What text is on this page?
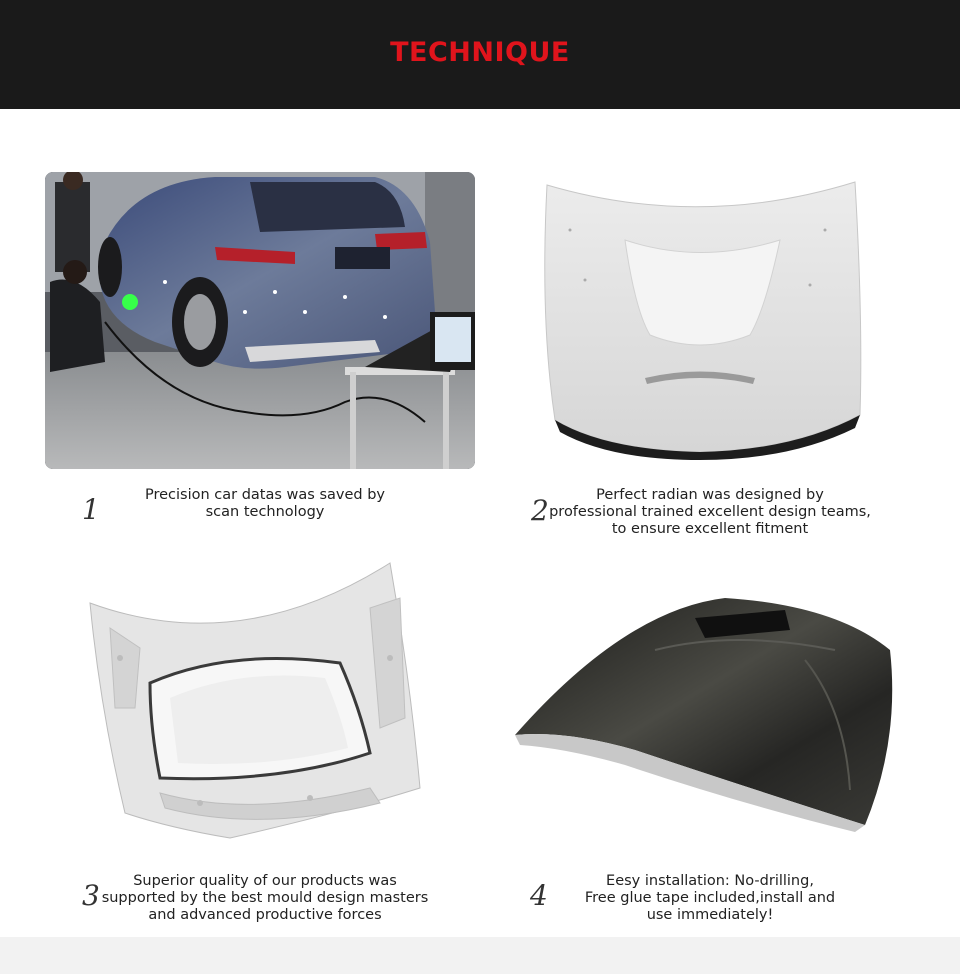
TECHNIQUE
1	Precision car datas was saved by
scan technology	2	Perfect radian was designed by
professional trained excellent design teams,
to ensure excellent fitment
3	Superior quality of our products was
supported by the best mould design masters
and advanced productive forces
4	Eesy installation: No-drilling,
Free glue tape included,install and
use immediately!
